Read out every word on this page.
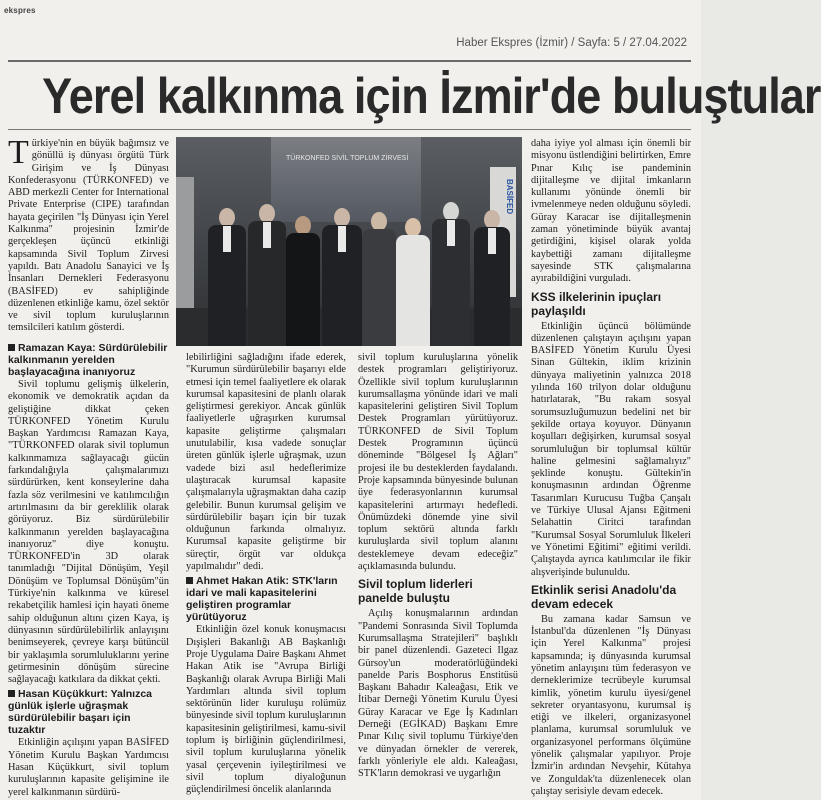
ekspres
Haber Ekspres (İzmir) / Sayfa: 5 / 27.04.2022
Yerel kalkınma için İzmir'de buluştular
TÜRKONFED SİVİL TOPLUM ZİRVESİ
BASİFED

Türkiye'nin en büyük bağımsız ve gönüllü iş dünyası örgütü Türk Girişim ve İş Dünyası Konfederasyonu (TÜRKONFED) ve ABD merkezli Center for International Private Enterprise (CIPE) tarafından hayata geçirilen "İş Dünyası için Yerel Kalkınma" projesinin İzmir'de gerçekleşen üçüncü etkinliği kapsamında Sivil Toplum Zirvesi yapıldı. Batı Anadolu Sanayici ve İş İnsanları Dernekleri Federasyonu (BASİFED) ev sahipliğinde düzenlenen etkinliğe kamu, özel sektör ve sivil toplum kuruluşlarının temsilcileri katılım gösterdi.

Ramazan Kaya: Sürdürülebilir kalkınmanın yerelden başlayacağına inanıyoruz

Sivil toplumu gelişmiş ülkelerin, ekonomik ve demokratik açıdan da geliştiğine dikkat çeken TÜRKONFED Yönetim Kurulu Başkan Yardımcısı Ramazan Kaya, "TÜRKONFED olarak sivil toplumun kalkınmamıza sağlayacağı gücün farkındalığıyla çalışmalarımızı sürdürürken, kent konseylerine daha fazla söz verilmesini ve katılımcılığın artırılmasını da bir gereklilik olarak görüyoruz. Biz sürdürülebilir kalkınmanın yerelden başlayacağına inanıyoruz" diye konuştu. TÜRKONFED'in 3D olarak tanımladığı "Dijital Dönüşüm, Yeşil Dönüşüm ve Toplumsal Dönüşüm"ün Türkiye'nin kalkınma ve küresel rekabetçilik hamlesi için hayati öneme sahip olduğunun altını çizen Kaya, iş dünyasının sürdürülebilirlik anlayışını benimseyerek, çevreye karşı bütüncül bir yaklaşımla sorumluluklarını yerine getirmesinin dönüşüm sürecine sağlayacağı katkılara da dikkat çekti.

Hasan Küçükkurt: Yalnızca günlük işlerle uğraşmak sürdürülebilir başarı için tuzaktır

Etkinliğin açılışını yapan BASİFED Yönetim Kurulu Başkan Yardımcısı Hasan Küçükkurt, sivil toplum kuruluşlarının kapasite gelişimine ile yerel kalkınmanın sürdürü-

lebilirliğini sağladığını ifade ederek, "Kurumun sürdürülebilir başarıyı elde etmesi için temel faaliyetlere ek olarak kurumsal kapasitesini de planlı olarak geliştirmesi gerekiyor. Ancak günlük faaliyetlerle uğraşırken kurumsal kapasite geliştirme çalışmaları unutulabilir, kısa vadede sonuçlar üreten günlük işlerle uğraşmak, uzun vadede bizi asıl hedeflerimize ulaştıracak kurumsal kapasite çalışmalarıyla uğraşmaktan daha cazip gelebilir. Bunun kurumsal gelişim ve sürdürülebilir başarı için bir tuzak olduğunun farkında olmalıyız. Kurumsal kapasite geliştirme bir süreçtir, örgüt var oldukça yapılmalıdır" dedi.

Ahmet Hakan Atik: STK'ların idari ve mali kapasitelerini geliştiren programlar yürütüyoruz

Etkinliğin özel konuk konuşmacısı Dışişleri Bakanlığı AB Başkanlığı Proje Uygulama Daire Başkanı Ahmet Hakan Atik ise "Avrupa Birliği Başkanlığı olarak Avrupa Birliği Mali Yardımları altında sivil toplum sektörünün lider kuruluşu rolümüz bünyesinde sivil toplum kuruluşlarının kapasitesinin geliştirilmesi, kamu-sivil toplum iş birliğinin güçlendirilmesi, sivil toplum kuruluşlarına yönelik yasal çerçevenin iyileştirilmesi ve sivil toplum diyaloğunun güçlendirilmesi öncelik alanlarında

sivil toplum kuruluşlarına yönelik destek programları geliştiriyoruz. Özellikle sivil toplum kuruluşlarının kurumsallaşma yönünde idari ve mali kapasitelerini geliştiren Sivil Toplum Destek Programları yürütüyoruz. TÜRKONFED de Sivil Toplum Destek Programının üçüncü döneminde "Bölgesel İş Ağları" projesi ile bu desteklerden faydalandı. Proje kapsamında bünyesinde bulunan üye federasyonlarının kurumsal kapasitelerini artırmayı hedefledi. Önümüzdeki dönemde yine sivil toplum sektörü altında farklı kuruluşlarda sivil toplum alanını desteklemeye devam edeceğiz" açıklamasında bulundu.

Sivil toplum liderleri panelde buluştu

Açılış konuşmalarının ardından "Pandemi Sonrasında Sivil Toplumda Kurumsallaşma Stratejileri" başlıklı bir panel düzenlendi. Gazeteci Ilgaz Gürsoy'un moderatörlüğündeki panelde Paris Bosphorus Enstitüsü Başkanı Bahadır Kaleağası, Etik ve İtibar Derneği Yönetim Kurulu Üyesi Güray Karacar ve Ege İş Kadınları Derneği (EGİKAD) Başkanı Emre Pınar Kılıç sivil toplumu Türkiye'den ve dünyadan örnekler de vererek, farklı yönleriyle ele aldı. Kaleağası, STK'ların demokrasi ve uygarlığın

daha iyiye yol alması için önemli bir misyonu üstlendiğini belirtirken, Emre Pınar Kılıç ise pandeminin dijitalleşme ve dijital imkanların kullanımı yönünde önemli bir ivmelenmeye neden olduğunu söyledi. Güray Karacar ise dijitalleşmenin zaman yönetiminde büyük avantaj getirdiğini, kişisel olarak yolda kaybettiği zamanı dijitalleşme sayesinde STK çalışmalarına ayırabildiğini vurguladı.

KSS ilkelerinin ipuçları paylaşıldı

Etkinliğin üçüncü bölümünde düzenlenen çalıştayın açılışını yapan BASİFED Yönetim Kurulu Üyesi Sinan Gültekin, iklim krizinin dünyaya maliyetinin yalnızca 2018 yılında 160 trilyon dolar olduğunu hatırlatarak, "Bu rakam sosyal sorumsuzluğumuzun bedelini net bir şekilde ortaya koyuyor. Dünyanın koşulları değişirken, kurumsal sosyal sorumluluğun bir toplumsal kültür haline gelmesini sağlamalıyız" şeklinde konuştu. Gültekin'in konuşmasının ardından Öğrenme Tasarımları Kurucusu Tuğba Çanşalı ve Türkiye Ulusal Ajansı Eğitmeni Selahattin Ciritci tarafından "Kurumsal Sosyal Sorumluluk İlkeleri ve Yönetimi Eğitimi" eğitimi verildi. Çalıştayda ayrıca katılımcılar ile fikir alışverişinde bulunuldu.

Etkinlik serisi Anadolu'da devam edecek

Bu zamana kadar Samsun ve İstanbul'da düzenlenen "İş Dünyası için Yerel Kalkınma" projesi kapsamında; iş dünyasında kurumsal yönetim anlayışını tüm federasyon ve derneklerimize tecrübeyle kurumsal kimlik, yönetim kurulu üyesi/genel sekreter oryantasyonu, kurumsal iş etiği ve ilkeleri, organizasyonel planlama, kurumsal sorumluluk ve organizasyonel performans ölçümüne yönelik çalışmalar yapılıyor. Proje İzmir'in ardından Nevşehir, Kütahya ve Zonguldak'ta düzenlenecek olan çalıştay serisiyle devam edecek.
